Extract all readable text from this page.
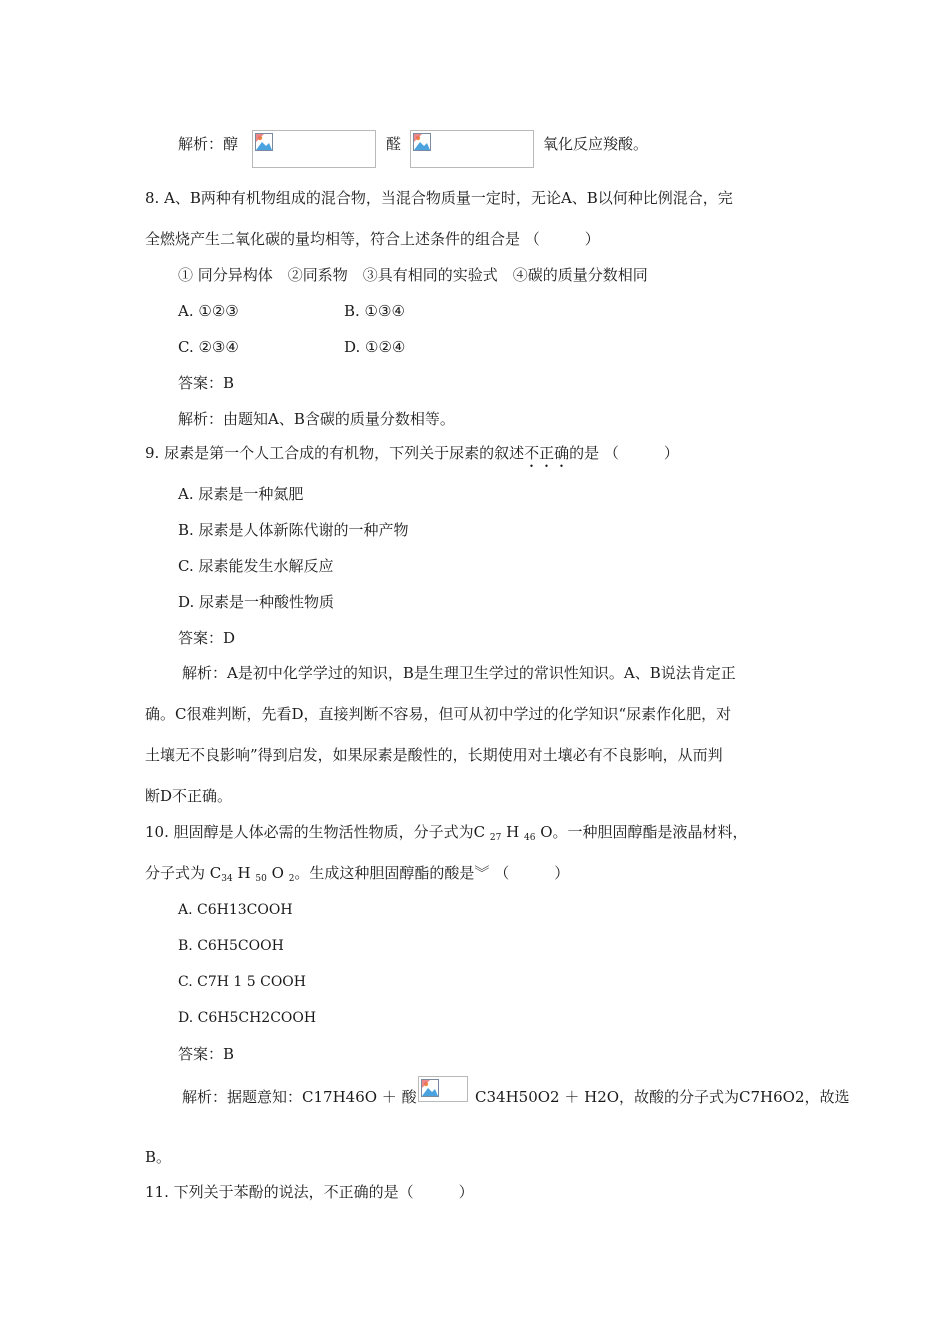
解析：醇	醛	氧化反应羧酸。
8. A、B两种有机物组成的混合物，当混合物质量一定时，无论A、B以何种比例混合，完
全燃烧产生二氧化碳的量均相等，符合上述条件的组合是 （　　　）
① 同分异构体　②同系物　③具有相同的实验式　④碳的质量分数相同
A. ①②③	B. ①③④
C. ②③④	D. ①②④
答案：B
解析：由题知A、B含碳的质量分数相等。
9. 尿素是第一个人工合成的有机物，下列关于尿素的叙述不正确的是 （　　　）
A. 尿素是一种氮肥
B. 尿素是人体新陈代谢的一种产物
C. 尿素能发生水解反应
D. 尿素是一种酸性物质
答案：D
解析：A是初中化学学过的知识，B是生理卫生学过的常识性知识。A、B说法肯定正
确。C很难判断，先看D，直接判断不容易，但可从初中学过的化学知识“尿素作化肥，对
土壤无不良影响”得到启发，如果尿素是酸性的，长期使用对土壤必有不良影响，从而判
断D不正确。
10. 胆固醇是人体必需的生物活性物质，分子式为C $_{27}$ H $_{46}$ O。一种胆固醇酯是液晶材料，
分子式为 $C_{34}$ H $_{50}$ O $_2$。生成这种胆固醇酯的酸是︾ （　　　）
A. C6H13COOH
B. C6H5COOH
C. C7H 1 5 COOH
D. C6H5CH2COOH
答案：B
解析：据题意知：C17H46O ＋ 酸	C34H50O2 ＋ H2O，故酸的分子式为C7H6O2，故选
B。
11. 下列关于苯酚的说法，不正确的是（　　　）
